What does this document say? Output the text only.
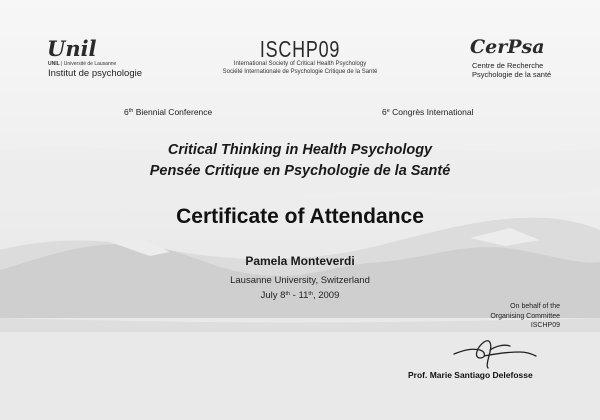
Unil
UNIL | Université de Lausanne
Institut de psychologie
ISCHP09
International Society of Critical Health Psychology
Société Internationale de Psychologie Critique de la Santé
CerPsa
Centre de Recherche
Psychologie de la santé
6th Biennial Conference	6e Congrès International
Critical Thinking in Health Psychology
Pensée Critique en Psychologie de la Santé
Certificate of Attendance
Pamela Monteverdi
Lausanne University, Switzerland
July 8th - 11th, 2009
On behalf of the
Organising Committee
ISCHP09
Prof. Marie Santiago Delefosse
